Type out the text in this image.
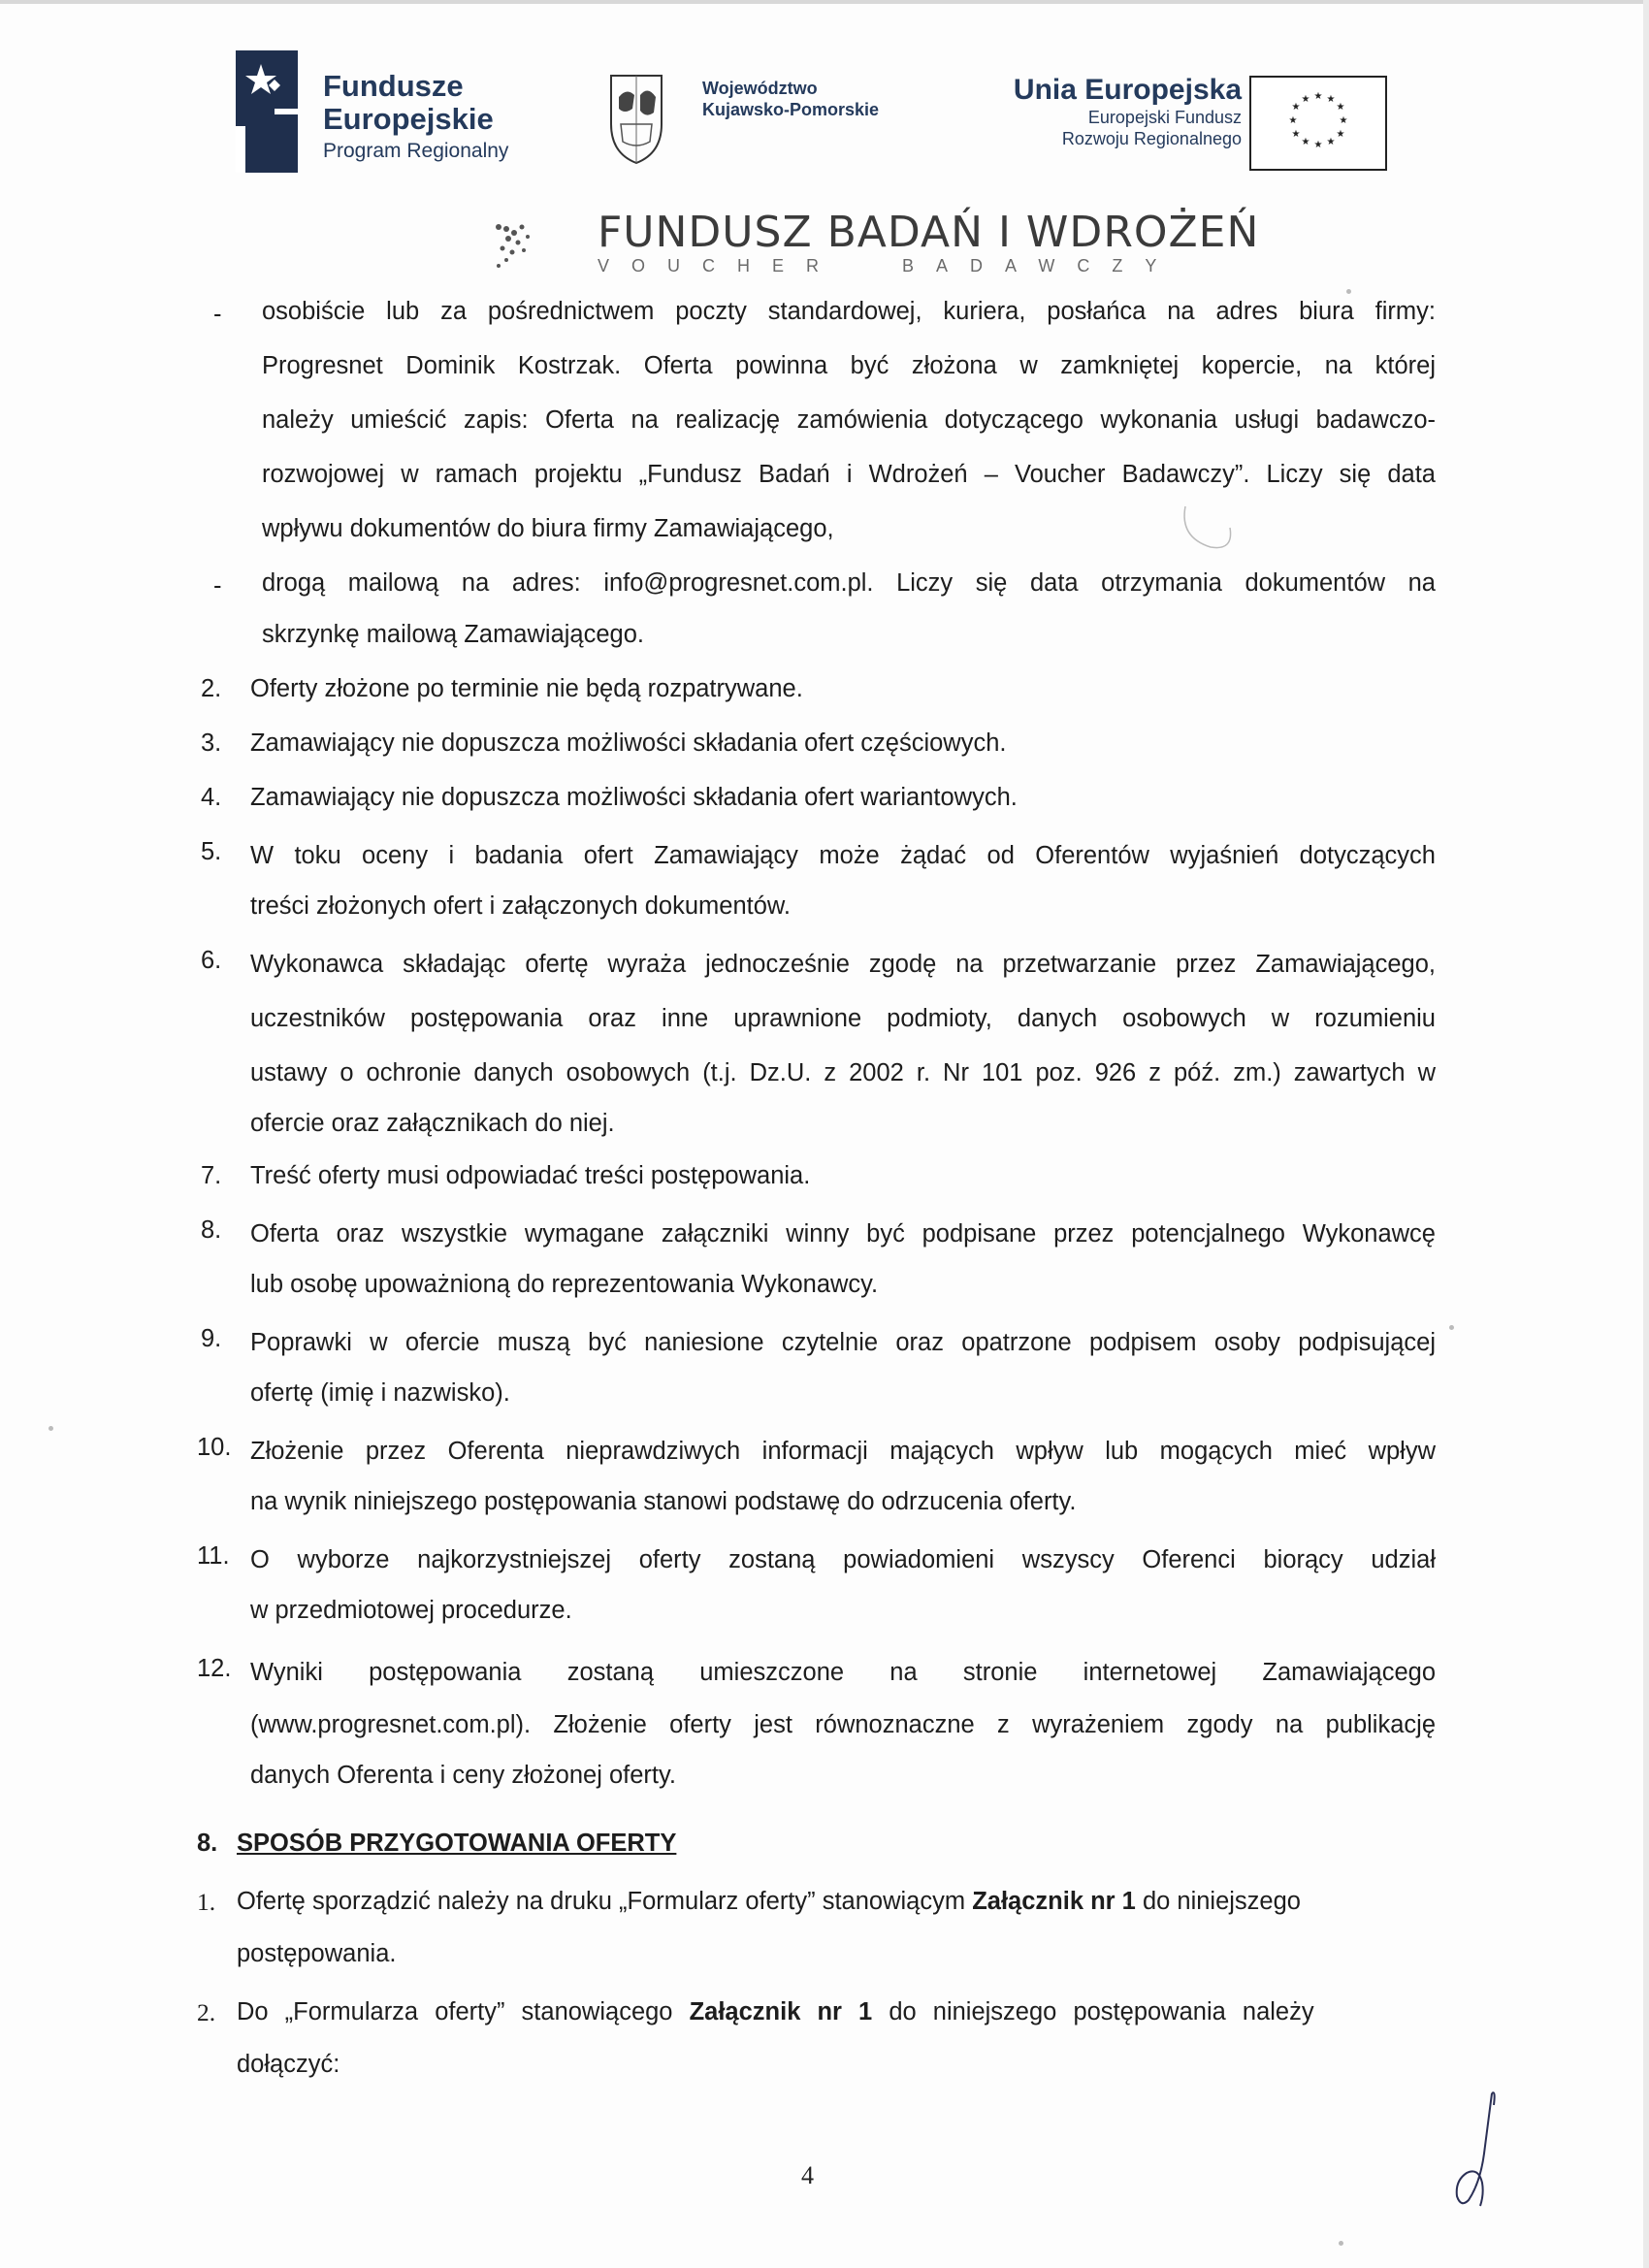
Fundusze
Europejskie
Program Regionalny
Województwo
Kujawsko-Pomorskie
Unia Europejska
Europejski Fundusz
Rozwoju Regionalnego
★ ★
★
★
★
★
★
★
★
★
★
★
FUNDUSZ BADAŃ I WDROŻEŃ
VOUCHER	BADAWCZY
- osobiście lub za pośrednictwem poczty standardowej, kuriera, posłańca na adres biura firmy:
Progresnet Dominik Kostrzak. Oferta powinna być złożona w zamkniętej kopercie, na której
należy umieścić zapis: Oferta na realizację zamówienia dotyczącego wykonania usługi badawczo-
rozwojowej w ramach projektu „Fundusz Badań i Wdrożeń – Voucher Badawczy”. Liczy się data
wpływu dokumentów do biura firmy Zamawiającego,
- drogą mailową na adres: info@progresnet.com.pl. Liczy się data otrzymania dokumentów na
skrzynkę mailową Zamawiającego.
2. Oferty złożone po terminie nie będą rozpatrywane.
3. Zamawiający nie dopuszcza możliwości składania ofert częściowych.
4. Zamawiający nie dopuszcza możliwości składania ofert wariantowych.
5. W toku oceny i badania ofert Zamawiający może żądać od Oferentów wyjaśnień dotyczących
treści złożonych ofert i załączonych dokumentów.
6. Wykonawca składając ofertę wyraża jednocześnie zgodę na przetwarzanie przez Zamawiającego,
uczestników postępowania oraz inne uprawnione podmioty, danych osobowych w rozumieniu
ustawy o ochronie danych osobowych (t.j. Dz.U. z 2002 r. Nr 101 poz. 926 z póź. zm.) zawartych w
ofercie oraz załącznikach do niej.
7. Treść oferty musi odpowiadać treści postępowania.
8. Oferta oraz wszystkie wymagane załączniki winny być podpisane przez potencjalnego Wykonawcę
lub osobę upoważnioną do reprezentowania Wykonawcy.
9. Poprawki w ofercie muszą być naniesione czytelnie oraz opatrzone podpisem osoby podpisującej
ofertę (imię i nazwisko).
10. Złożenie przez Oferenta nieprawdziwych informacji mających wpływ lub mogących mieć wpływ
na wynik niniejszego postępowania stanowi podstawę do odrzucenia oferty.
11. O wyborze najkorzystniejszej oferty zostaną powiadomieni wszyscy Oferenci biorący udział
w przedmiotowej procedurze.
12. Wyniki postępowania zostaną umieszczone na stronie internetowej Zamawiającego
(www.progresnet.com.pl). Złożenie oferty jest równoznaczne z wyrażeniem zgody na publikację
danych Oferenta i ceny złożonej oferty.
8. SPOSÓB PRZYGOTOWANIA OFERTY
1. Ofertę sporządzić należy na druku „Formularz oferty” stanowiącym Załącznik nr 1 do niniejszego
postępowania.
2. Do „Formularza oferty” stanowiącego Załącznik nr 1 do niniejszego postępowania należy
dołączyć:
4
